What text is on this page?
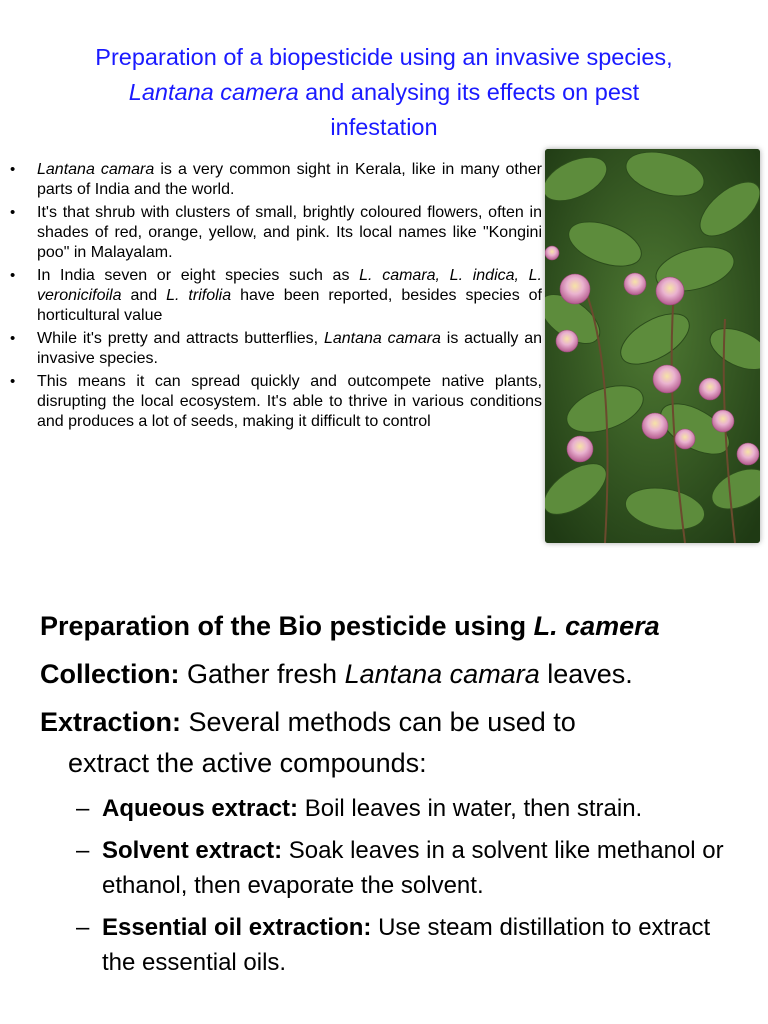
Preparation of a biopesticide using an invasive species,
Lantana camera and analysing its effects on pest
infestation
• Lantana camara is a very common sight in Kerala, like in many other parts of India and the world.
• It's that shrub with clusters of small, brightly coloured flowers, often in shades of red, orange, yellow, and pink. Its local names like "Kongini poo" in Malayalam.
• In India seven or eight species such as L. camara, L. indica, L. veronicifoila and L. trifolia have been reported, besides species of horticultural value
• While it's pretty and attracts butterflies, Lantana camara is actually an invasive species.
• This means it can spread quickly and outcompete native plants, disrupting the local ecosystem. It's able to thrive in various conditions and produces a lot of seeds, making it difficult to control
Preparation of the Bio pesticide using L. camera
Collection: Gather fresh Lantana camara leaves.
Extraction: Several methods can be used to
extract the active compounds:
– Aqueous extract: Boil leaves in water, then strain.
– Solvent extract: Soak leaves in a solvent like methanol or ethanol, then evaporate the solvent.
– Essential oil extraction: Use steam distillation to extract the essential oils.
